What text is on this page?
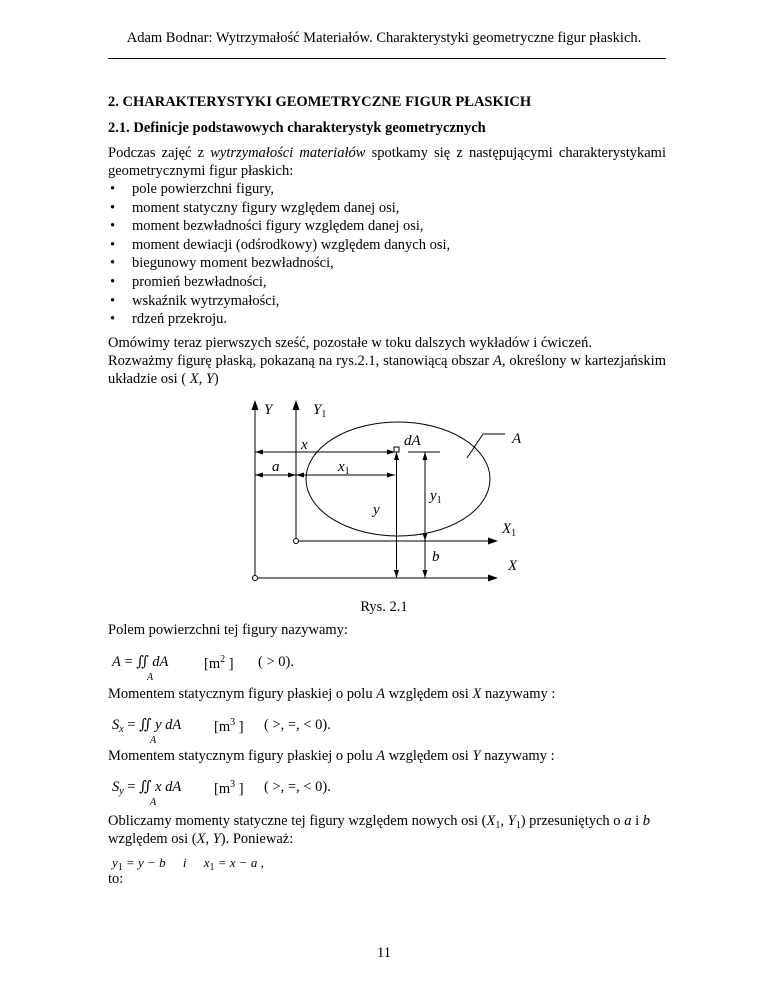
Adam Bodnar: Wytrzymałość Materiałów. Charakterystyki geometryczne figur płaskich.
2. CHARAKTERYSTYKI GEOMETRYCZNE FIGUR PŁASKICH
2.1. Definicje podstawowych charakterystyk geometrycznych
Podczas zajęć z wytrzymałości materiałów spotkamy się z następującymi charakterystykami geometrycznymi figur płaskich:
• pole powierzchni figury,
• moment statyczny figury względem danej osi,
• moment bezwładności figury względem danej osi,
• moment dewiacji (odśrodkowy) względem danych osi,
• biegunowy moment bezwładności,
• promień bezwładności,
• wskaźnik wytrzymałości,
• rdzeń przekroju.
Omówimy teraz pierwszych sześć, pozostałe w toku dalszych wykładów i ćwiczeń.
Rozważmy figurę płaską, pokazaną na rys.2.1, stanowiącą obszar A, określony w kartezjańskim układzie osi ( X, Y)
Y	$Y_1$
A
dA
x
a	$x_1$
$y_1$
y
$X_1$
b
X
Rys. 2.1
Polem powierzchni tej figury nazywamy:
A = ∬ dA [$m^2$ ] ( > 0).
A
Momentem statycznym figury płaskiej o polu A względem osi X nazywamy :
$S_x$ = ∬ y dA [$m^3$ ] ( >, =, < 0).
A
Momentem statycznym figury płaskiej o polu A względem osi Y nazywamy :
$S_y$ = ∬ x dA [$m^3$ ] ( >, =, < 0).
A
Obliczamy momenty statyczne tej figury względem nowych osi ($X_1$, $Y_1$) przesuniętych o a i b
względem osi (X, Y). Ponieważ:
$y_1 = y - b$ i $x_1 = x - a$ ,
to:
11
